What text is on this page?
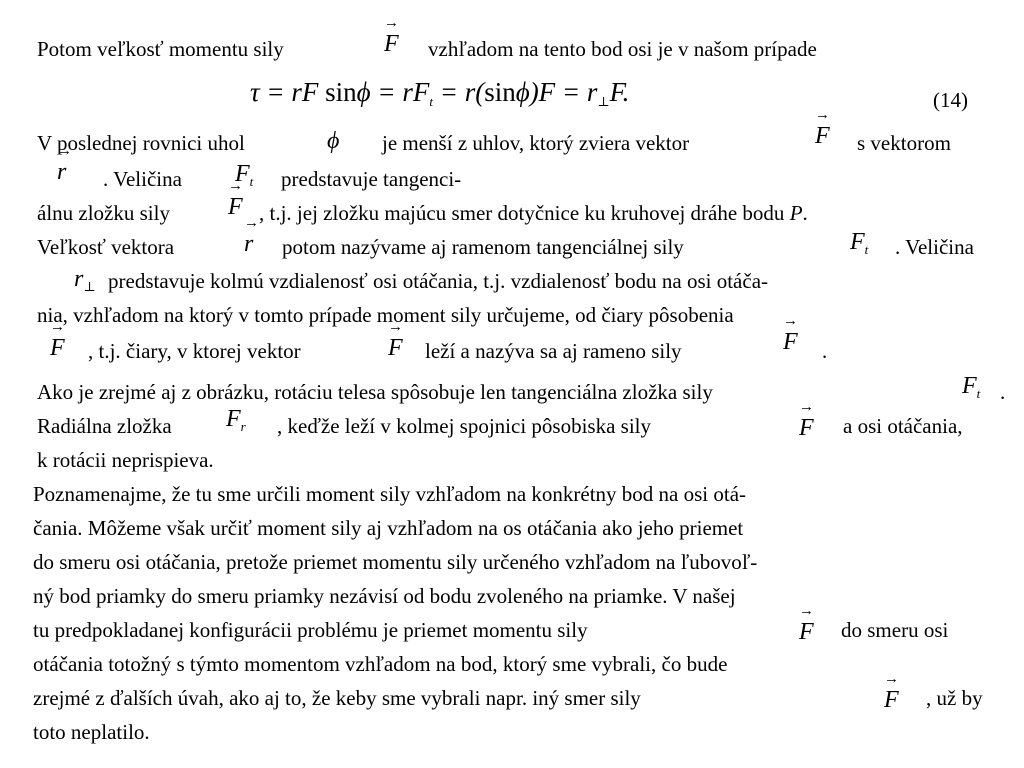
Potom veľkosť momentu sily	→ F vzhľadom na tento bod osi je v našom prípade
τ = rF $\sin\phi = rF_t = r(\sin\phi)F = r_\perp F$.	(14)
V poslednej rovnici uhol	ϕ je menší z uhlov, ktorý zviera vektor	→ F s vektorom
→ r . Veličina $F_t$ predstavuje tangenci-
álnu zložku sily → F , t.j. jej zložku majúcu smer dotyčnice ku kruhovej dráhe bodu P.
Veľkosť vektora	→ r potom nazývame aj ramenom tangenciálnej sily	$F_t$ . Veličina
$r_\perp$ predstavuje kolmú vzdialenosť osi otáčania, t.j. vzdialenosť bodu na osi otáča-
nia, vzhľadom na ktorý v tomto prípade moment sily určujeme, od čiary pôsobenia
→ F , t.j. čiary, v ktorej vektor	→ F leží a nazýva sa aj rameno sily	→ F .
Ako je zrejmé aj z obrázku, rotáciu telesa spôsobuje len tangenciálna zložka sily	$F_t$ .
Radiálna zložka $F_r$ , keďže leží v kolmej spojnici pôsobiska sily	→ F a osi otáčania,
k rotácii neprispieva.
Poznamenajme, že tu sme určili moment sily vzhľadom na konkrétny bod na osi otá-
čania. Môžeme však určiť moment sily aj vzhľadom na os otáčania ako jeho priemet
do smeru osi otáčania, pretože priemet momentu sily určeného vzhľadom na ľubovoľ-
ný bod priamky do smeru priamky nezávisí od bodu zvoleného na priamke. V našej
tu predpokladanej konfigurácii problému je priemet momentu sily	→ F do smeru osi
otáčania totožný s týmto momentom vzhľadom na bod, ktorý sme vybrali, čo bude
zrejmé z ďalších úvah, ako aj to, že keby sme vybrali napr. iný smer sily	→ F , už by
toto neplatilo.
